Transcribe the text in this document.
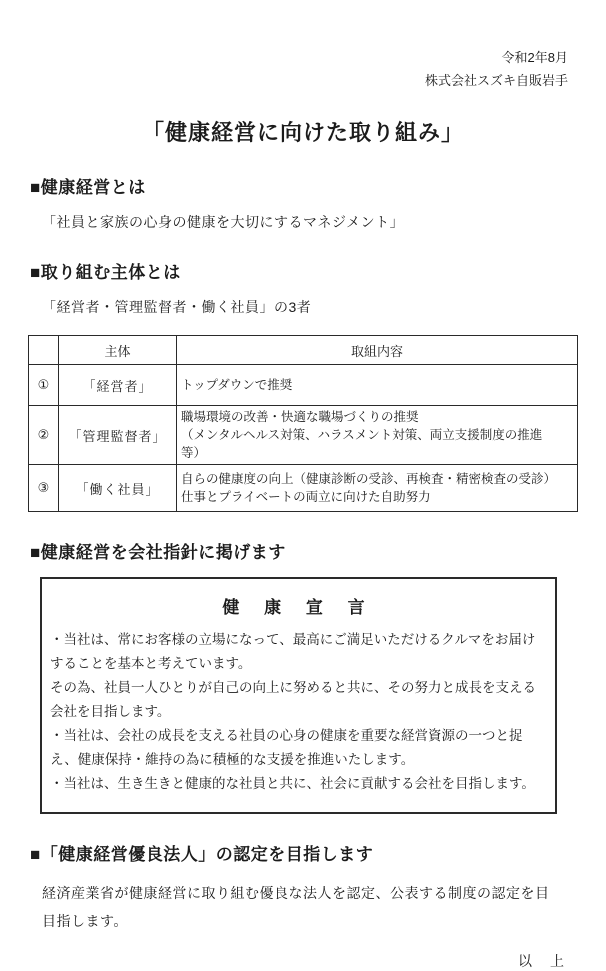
令和2年8月
株式会社スズキ自販岩手
「健康経営に向けた取り組み」
■健康経営とは
「社員と家族の心身の健康を大切にするマネジメント」
■取り組む主体とは
「経営者・管理監督者・働く社員」の3者
	主体	取組内容
①	「経営者」	トップダウンで推奨

②	「管理監督者」	職場環境の改善・快適な職場づくりの推奨
（メンタルヘルス対策、ハラスメント対策、両立支援制度の推進　等）

③	「働く社員」	自らの健康度の向上（健康診断の受診、再検査・精密検査の受診）
仕事とプライベートの両立に向けた自助努力
■健康経営を会社指針に掲げます
健 康 宣 言

・当社は、常にお客様の立場になって、最高にご満足いただけるクルマをお届けすることを基本と考えています。

その為、社員一人ひとりが自己の向上に努めると共に、その努力と成長を支える会社を目指します。

・当社は、会社の成長を支える社員の心身の健康を重要な経営資源の一つと捉え、健康保持・維持の為に積極的な支援を推進いたします。

・当社は、生き生きと健康的な社員と共に、社会に貢献する会社を目指します。

■「健康経営優良法人」の認定を目指します
経済産業省が健康経営に取り組む優良な法人を認定、公表する制度の認定を目
目指します。
以　上
